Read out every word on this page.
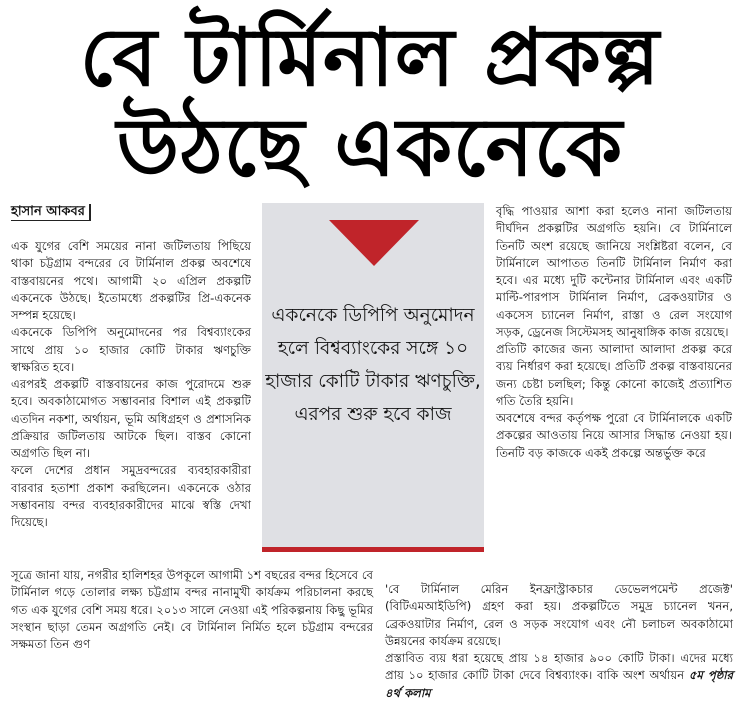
বে টার্মিনাল প্রকল্প
উঠছে একনেকে
হাসান আকবর

এক যুগের বেশি সময়ের নানা জটিলতায় পিছিয়ে থাকা চট্টগ্রাম বন্দরের বে টার্মিনাল প্রকল্প অবশেষে বাস্তবায়নের পথে। আগামী ২০ এপ্রিল প্রকল্পটি একনেকে উঠছে। ইতোমধ্যে প্রকল্পটির প্রি-একনেক সম্পন্ন হয়েছে।

একনেকে ডিপিপি অনুমোদনের পর বিশ্বব্যাংকের সাথে প্রায় ১০ হাজার কোটি টাকার ঋণচুক্তি স্বাক্ষরিত হবে।

এরপরই প্রকল্পটি বাস্তবায়নের কাজ পুরোদমে শুরু হবে। অবকাঠামোগত সম্ভাবনার বিশাল এই প্রকল্পটি এতদিন নকশা, অর্থায়ন, ভূমি অধিগ্রহণ ও প্রশাসনিক প্রক্রিয়ার জটিলতায় আটকে ছিল। বাস্তব কোনো অগ্রগতি ছিল না।

ফলে দেশের প্রধান সমুদ্রবন্দরের ব্যবহারকারীরা বারবার হতাশা প্রকাশ করছিলেন। একনেকে ওঠার সম্ভাবনায় বন্দর ব্যবহারকারীদের মাঝে স্বস্তি দেখা দিয়েছে।

একনেকে ডিপিপি অনুমোদন হলে বিশ্বব্যাংকের সঙ্গে ১০ হাজার কোটি টাকার ঋণচুক্তি, এরপর শুরু হবে কাজ

সূত্রে জানা যায়, নগরীর হালিশহর উপকূলে আগামী ১শ বছরের বন্দর হিসেবে বে টার্মিনাল গড়ে তোলার লক্ষ্য চট্টগ্রাম বন্দর নানামুখী কার্যক্রম পরিচালনা করছে গত এক যুগের বেশি সময় ধরে। ২০১৩ সালে নেওয়া এই পরিকল্পনায় কিছু ভূমির সংস্থান ছাড়া তেমন অগ্রগতি নেই। বে টার্মিনাল নির্মিত হলে চট্টগ্রাম বন্দরের সক্ষমতা তিন গুণ

বৃদ্ধি পাওয়ার আশা করা হলেও নানা জটিলতায় দীর্ঘদিন প্রকল্পটির অগ্রগতি হয়নি। বে টার্মিনালে তিনটি অংশ রয়েছে জানিয়ে সংশ্লিষ্টরা বলেন, বে টার্মিনালে আপাতত তিনটি টার্মিনাল নির্মাণ করা হবে। এর মধ্যে দুটি কন্টেনার টার্মিনাল এবং একটি মাল্টি-পারপাস টার্মিনাল নির্মাণ, ব্রেকওয়াটার ও একসেস চ্যানেল নির্মাণ, রাস্তা ও রেল সংযোগ সড়ক, ড্রেনেজ সিস্টেমসহ আনুষাঙ্গিক কাজ রয়েছে।

প্রতিটি কাজের জন্য আলাদা আলাদা প্রকল্প করে ব্যয় নির্ধারণ করা হয়েছে। প্রতিটি প্রকল্প বাস্তবায়নের জন্য চেষ্টা চলছিল; কিন্তু কোনো কাজেই প্রত্যাশিত গতি তৈরি হয়নি।

অবশেষে বন্দর কর্তৃপক্ষ পুরো বে টার্মিনালকে একটি প্রকল্পের আওতায় নিয়ে আসার সিদ্ধান্ত নেওয়া হয়। তিনটি বড় কাজকে একই প্রকল্পে অন্তর্ভুক্ত করে

'বে টার্মিনাল মেরিন ইনফ্রাস্ট্রাকচার ডেভেলপমেন্ট প্রজেক্ট' (বিটিএমআইডিপি) গ্রহণ করা হয়। প্রকল্পটিতে সমুদ্র চ্যানেল খনন, ব্রেকওয়াটার নির্মাণ, রেল ও সড়ক সংযোগ এবং নৌ চলাচল অবকাঠামো উন্নয়নের কার্যক্রম রয়েছে।

প্রস্তাবিত ব্যয় ধরা হয়েছে প্রায় ১৪ হাজার ৯০০ কোটি টাকা। এদের মধ্যে প্রায় ১০ হাজার কোটি টাকা দেবে বিশ্বব্যাংক। বাকি অংশ অর্থায়ন ৫ম পৃষ্ঠার ৪র্থ কলাম
